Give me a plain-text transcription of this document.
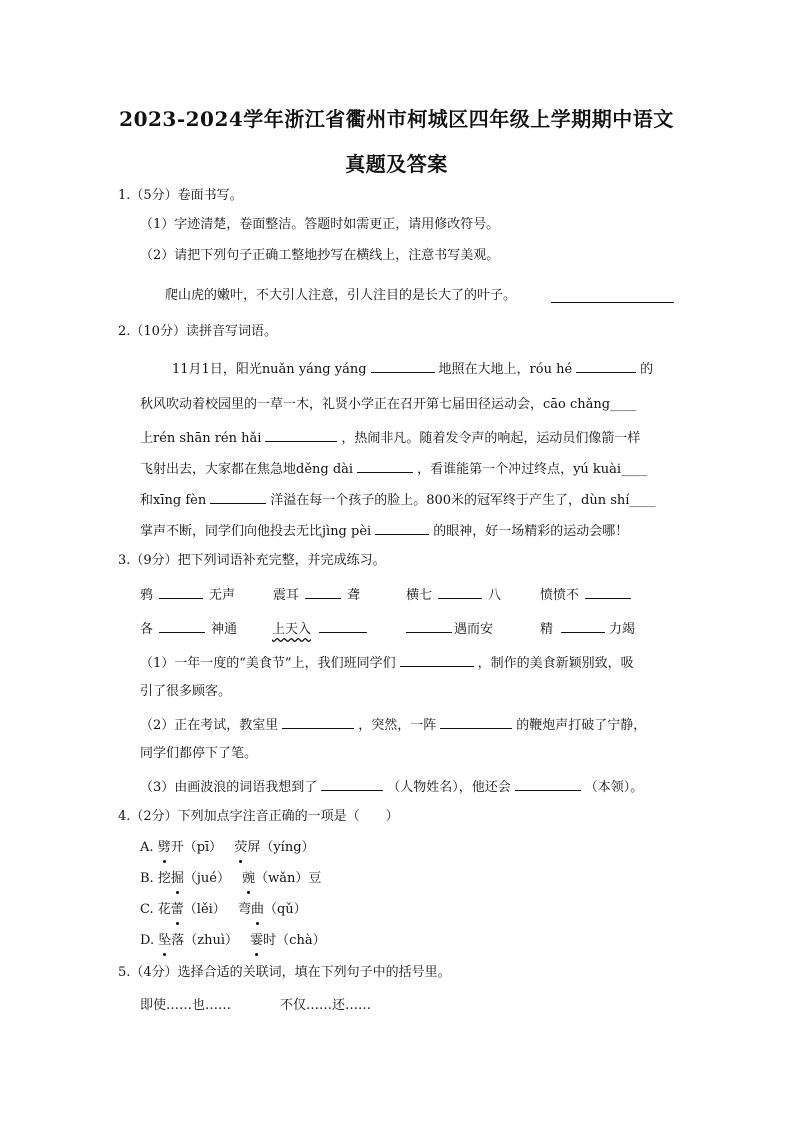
2023-2024学年浙江省衢州市柯城区四年级上学期期中语文
真题及答案
1.（5分）卷面书写。
（1）字迹清楚，卷面整洁。答题时如需更正，请用修改符号。
（2）请把下列句子正确工整地抄写在横线上，注意书写美观。
爬山虎的嫩叶，不大引人注意，引人注目的是长大了的叶子。
2.（10分）读拼音写词语。
11月1日，阳光nuǎn yáng yáng	地照在大地上，róu hé	的
秋风吹动着校园里的一草一木，礼贤小学正在召开第七届田径运动会，cāo chǎng____
上rén shān rén hǎi	，热闹非凡。随着发令声的响起，运动员们像箭一样
飞射出去，大家都在焦急地děng dài	，看谁能第一个冲过终点，yú kuài____
和xīng fèn	洋溢在每一个孩子的脸上。800米的冠军终于产生了，dùn shí____
掌声不断，同学们向他投去无比jìng pèi	的眼神，好一场精彩的运动会哪！
3.（9分）把下列词语补充完整，并完成练习。
鸦	无声	震耳	聋	横七	八	愤愤不
各	神通	上天入	遇而安	精	力竭
（1）一年一度的“美食节”上，我们班同学们	，制作的美食新颖别致，吸
引了很多顾客。
（2）正在考试，教室里	，突然，一阵	的鞭炮声打破了宁静，
同学们都停下了笔。
（3）由画波浪的词语我想到了	（人物姓名），他还会	（本领）。
4.（2分）下列加点字注音正确的一项是（　　）
A. 劈开（pī） 荧屏（yíng）
B. 挖掘（jué） 豌（wǎn）豆
C. 花蕾（lěi） 弯曲（qǔ）
D. 坠落（zhuì） 霎时（chà）
5.（4分）选择合适的关联词，填在下列句子中的括号里。
即使……也……	不仅……还……
